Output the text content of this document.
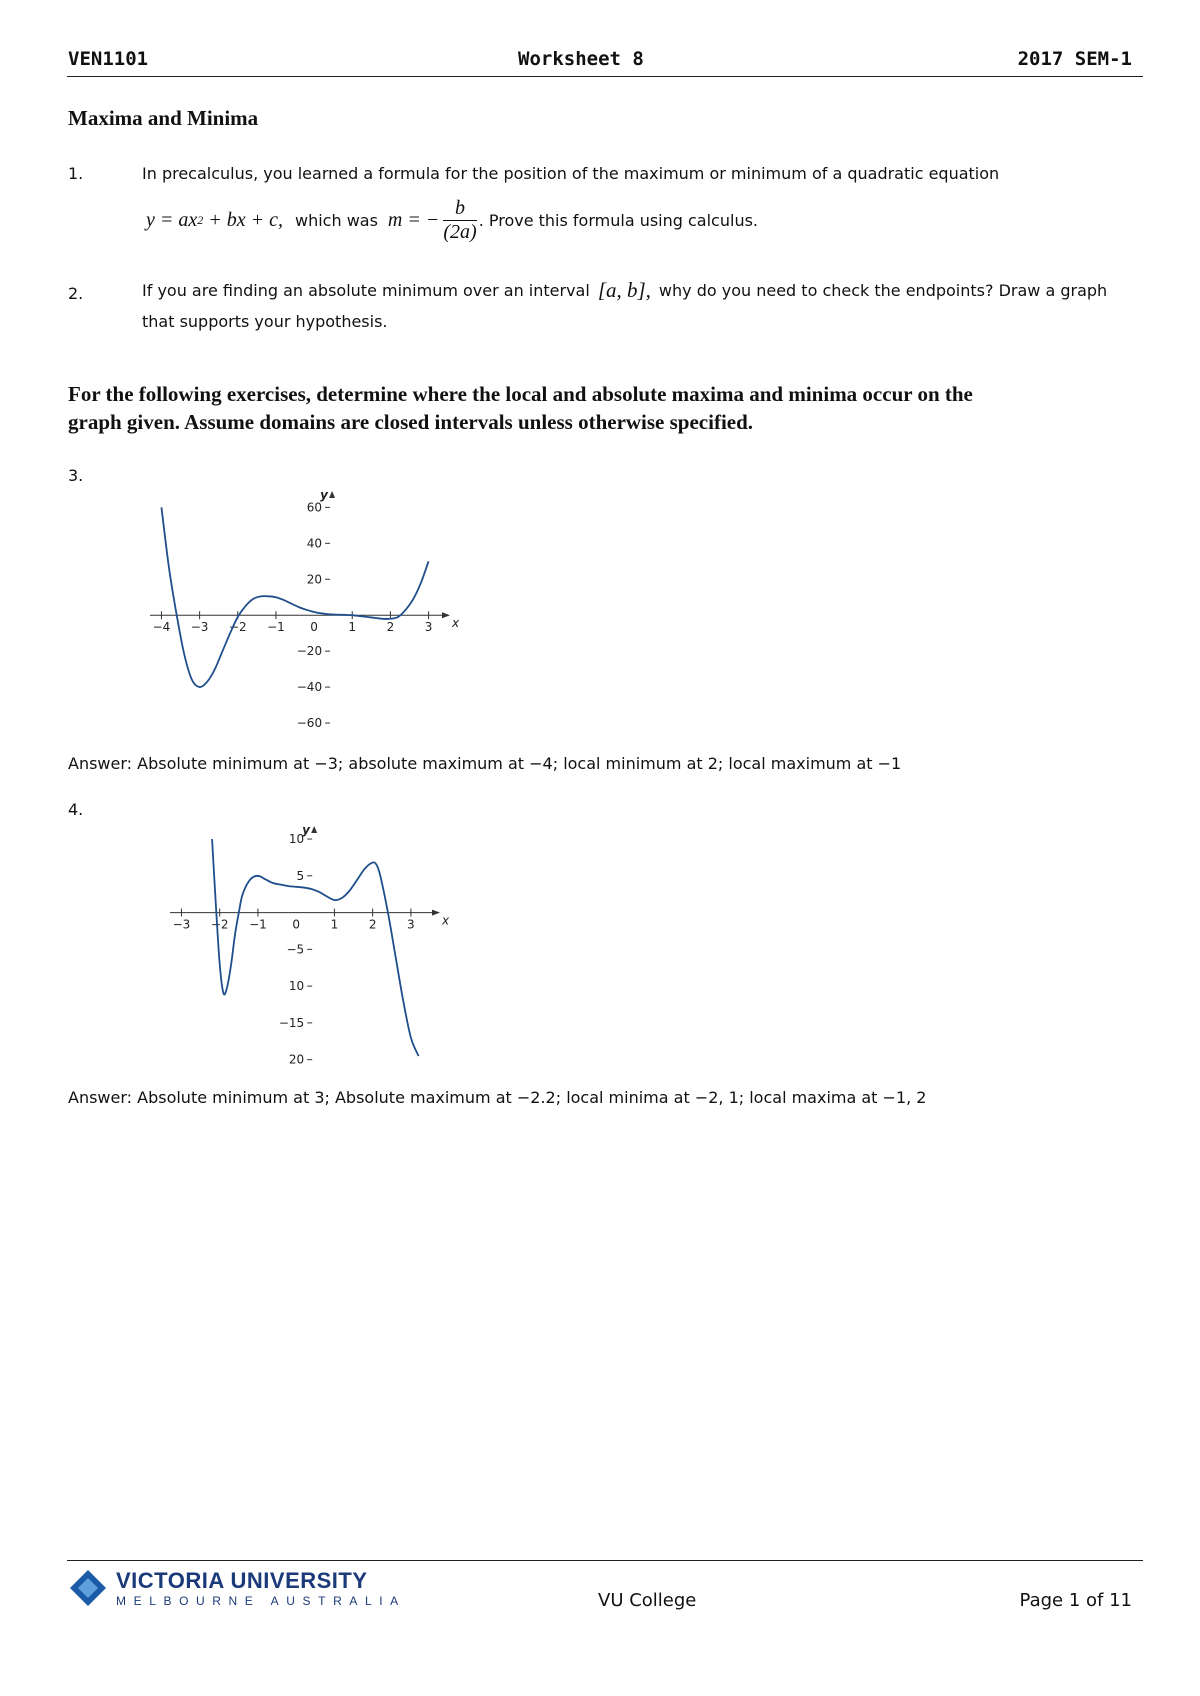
VEN1101	Worksheet 8	2017 SEM-1
Maxima and Minima
1.	In precalculus, you learned a formula for the position of the maximum or minimum of a quadratic equation
y = ax 2 + bx + c, which was m = − $\frac{b}{(2a)}$ . Prove this formula using calculus.
2.	If you are finding an absolute minimum over an interval [a, b], why do you need to check the endpoints? Draw a graph
that supports your hypothesis.
For the following exercises, determine where the local and absolute maxima and minima occur on the
graph given. Assume domains are closed intervals unless otherwise specified.
3.
−4 −3 −2 −1 0	1	2	3 x
60
40
20
−20
−40
−60
y
Answer: Absolute minimum at −3; absolute maximum at −4; local minimum at 2; local maximum at −1
4.
−3 −2 −1 0	1	2	3 x
10
5
−5
10
−15
20
y
Answer: Absolute minimum at 3; Absolute maximum at −2.2; local minima at −2, 1; local maxima at −1, 2
VICTORIA UNIVERSITY
MELBOURNE AUSTRALIA	VU College	Page 1 of 11
